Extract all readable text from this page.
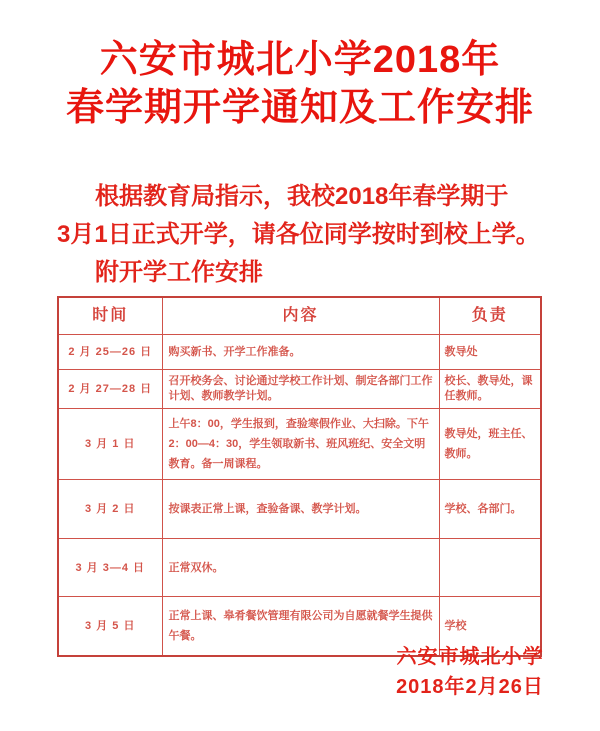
六安市城北小学2018年
春学期开学通知及工作安排
根据教育局指示，我校2018年春学期于
3月1日正式开学，请各位同学按时到校上学。
附开学工作安排
时间	内容	负责
2 月 25—26 日	购买新书、开学工作准备。	教导处
2 月 27—28 日	召开校务会、讨论通过学校工作计划、制定各部门工作计划、教师教学计划。	校长、教导处，课任教师。
3 月 1 日	上午8：00，学生报到，查验寒假作业、大扫除。下午2：00—4：30，学生领取新书、班风班纪、安全文明教育。备一周课程。	教导处，班主任、教师。
3 月 2 日	按课表正常上课，查验备课、教学计划。	学校、各部门。
3 月 3—4 日	正常双休。	
3 月 5 日	正常上课、皋肴餐饮管理有限公司为自愿就餐学生提供午餐。	学校
六安市城北小学
2018年2月26日
